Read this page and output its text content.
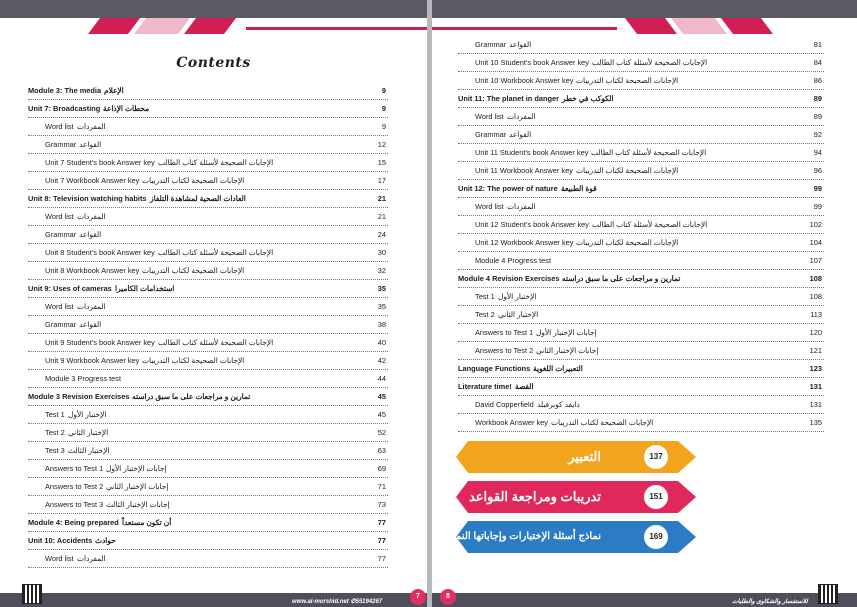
Contents
Module 3: The media الإعلام	9
Unit 7: Broadcasting محطات الإذاعة	9
Word list المفردات	9
Grammar القواعد	12
Unit 7 Student's book Answer key الإجابات الصحيحة لأسئلة كتاب الطالب	15
Unit 7 Workbook Answer key الإجابات الصحيحة لكتاب التدريبات	17
Unit 8: Television watching habits العادات الصحية لمشاهدة التلفاز	21
Word list المفردات	21
Grammar القواعد	24
Unit 8 Student's book Answer key الإجابات الصحيحة لأسئلة كتاب الطالب	30
Unit 8 Workbook Answer key الإجابات الصحيحة لكتاب التدريبات	32
Unit 9: Uses of cameras استخدامات الكاميرا	35
Word list المفردات	35
Grammar القواعد	38
Unit 9 Student's book Answer key الإجابات الصحيحة لأسئلة كتاب الطالب	40
Unit 9 Workbook Answer key الإجابات الصحيحة لكتاب التدريبات	42
Module 3 Progress test	44
Module 3 Revision Exercises تمارين و مراجعات على ما سبق دراسته	45
Test 1 الإختبار الأول	45
Test 2 الإختبار الثاني	52
Test 3 الإختبار الثالث	63
Answers to Test 1 إجابات الإختبار الأول	69
Answers to Test 2 إجابات الإختبار الثاني	71
Answers to Test 3 إجابات الإختبار الثالث	73
Module 4: Being prepared أن تكون مستعداً	77
Unit 10: Accidents حوادث	77
Word list المفردات	77
www.al-morshid.net ✆55194267
7
Grammar القواعد	81
Unit 10 Student's book Answer key الإجابات الصحيحة لأسئلة كتاب الطالب	84
Unit 10 Workbook Answer key الإجابات الصحيحة لكتاب التدريبات	86
Unit 11: The planet in danger الكوكب في خطر	89
Word list المفردات	89
Grammar القواعد	92
Unit 11 Student's book Answer key الإجابات الصحيحة لأسئلة كتاب الطالب	94
Unit 11 Workbook Answer key الإجابات الصحيحة لكتاب التدريبات	96
Unit 12: The power of nature قوة الطبيعة	99
Word list المفردات	99
Unit 12 Student's book Answer key الإجابات الصحيحة لأسئلة كتاب الطالب	102
Unit 12 Workbook Answer key الإجابات الصحيحة لكتاب التدريبات	104
Module 4 Progress test	107
Module 4 Revision Exercises تمارين و مراجعات على ما سبق دراسته	108
Test 1 الإختبار الأول	108
Test 2 الإختبار الثاني	113
Answers to Test 1 إجابات الإختبار الأول	120
Answers to Test 2 إجابات الإختبار الثاني	121
Language Functions التعبيرات اللغوية	123
Literature time! القصة	131
David Copperfield دايفد كوبرفيلد	131
Workbook Answer key الإجابات الصحيحة لكتاب التدريبات	135
التعبير	137
تدريبات ومراجعة القواعد	151
نماذج أسئلة الإختبارات وإجاباتها النموذجية	169
8
للاستفسار والشكاوى والطلبات
